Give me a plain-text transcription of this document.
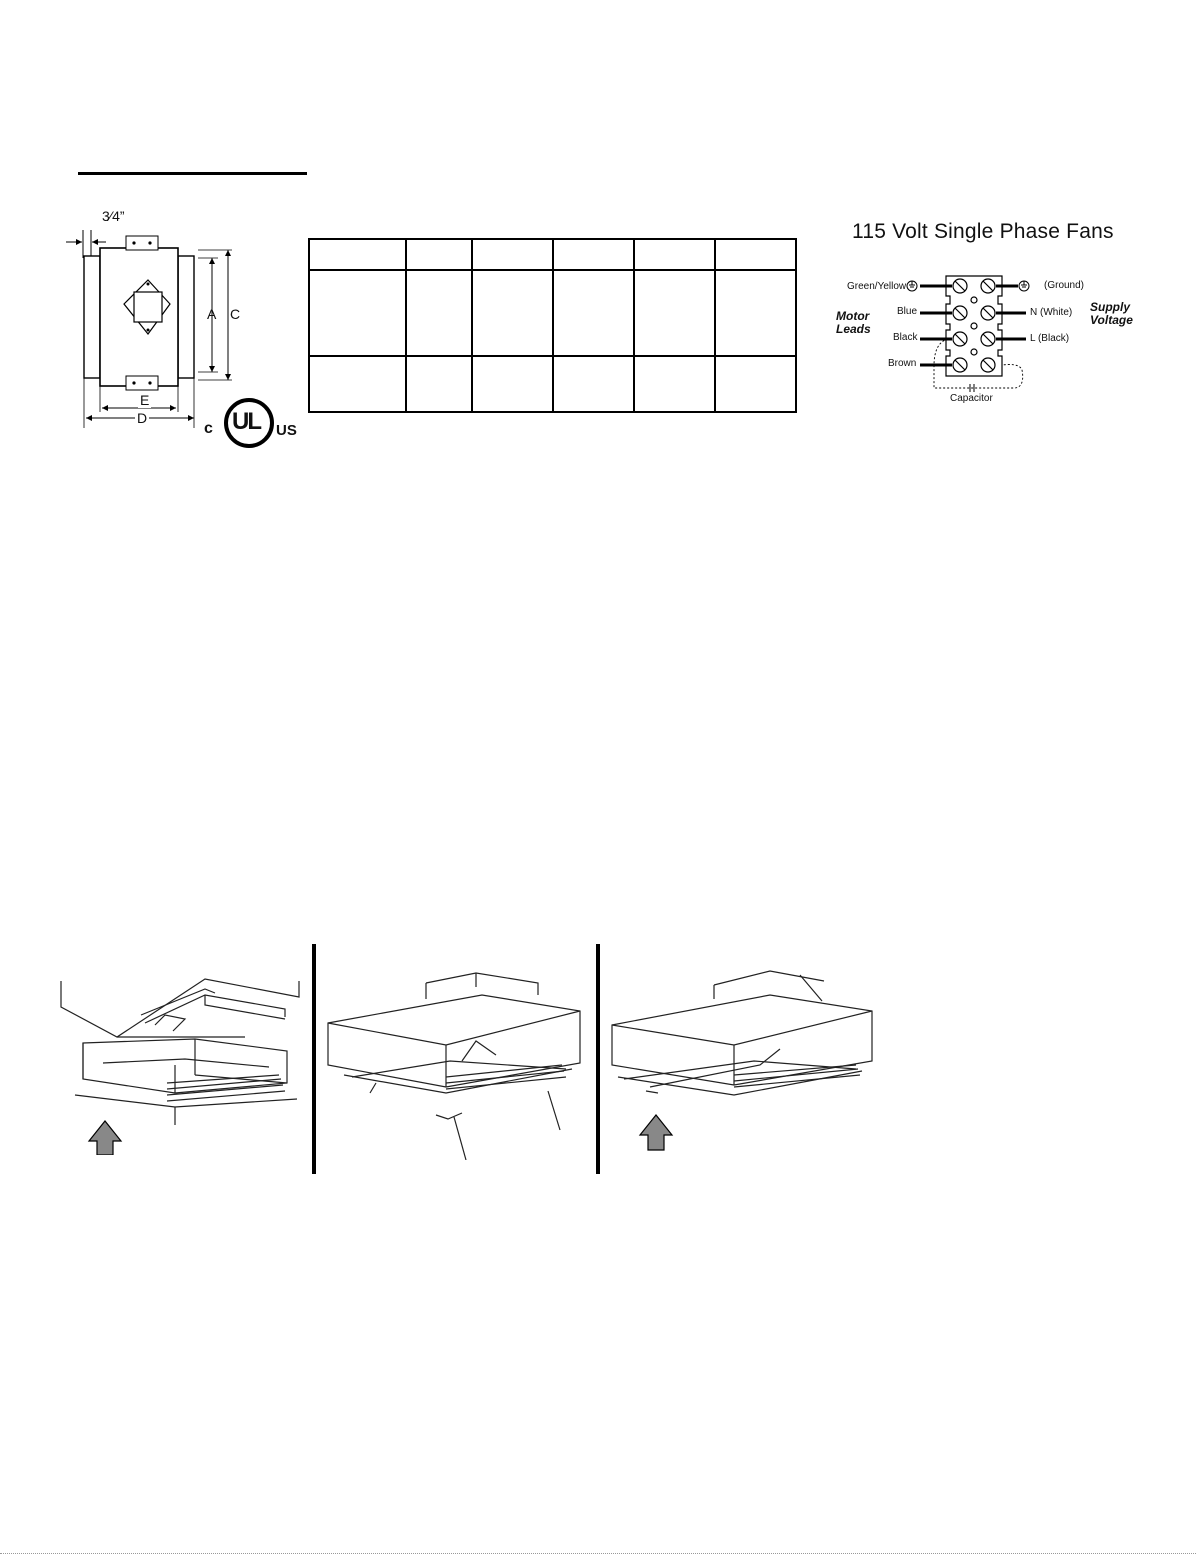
3⁄4”
A C
E
D
c UL US

115 Volt Single Phase Fans
Green/Yellow
Blue
Black
Brown
(Ground)
N (White)
L (Black)
Motor
Leads
Supply
Voltage
Capacitor
